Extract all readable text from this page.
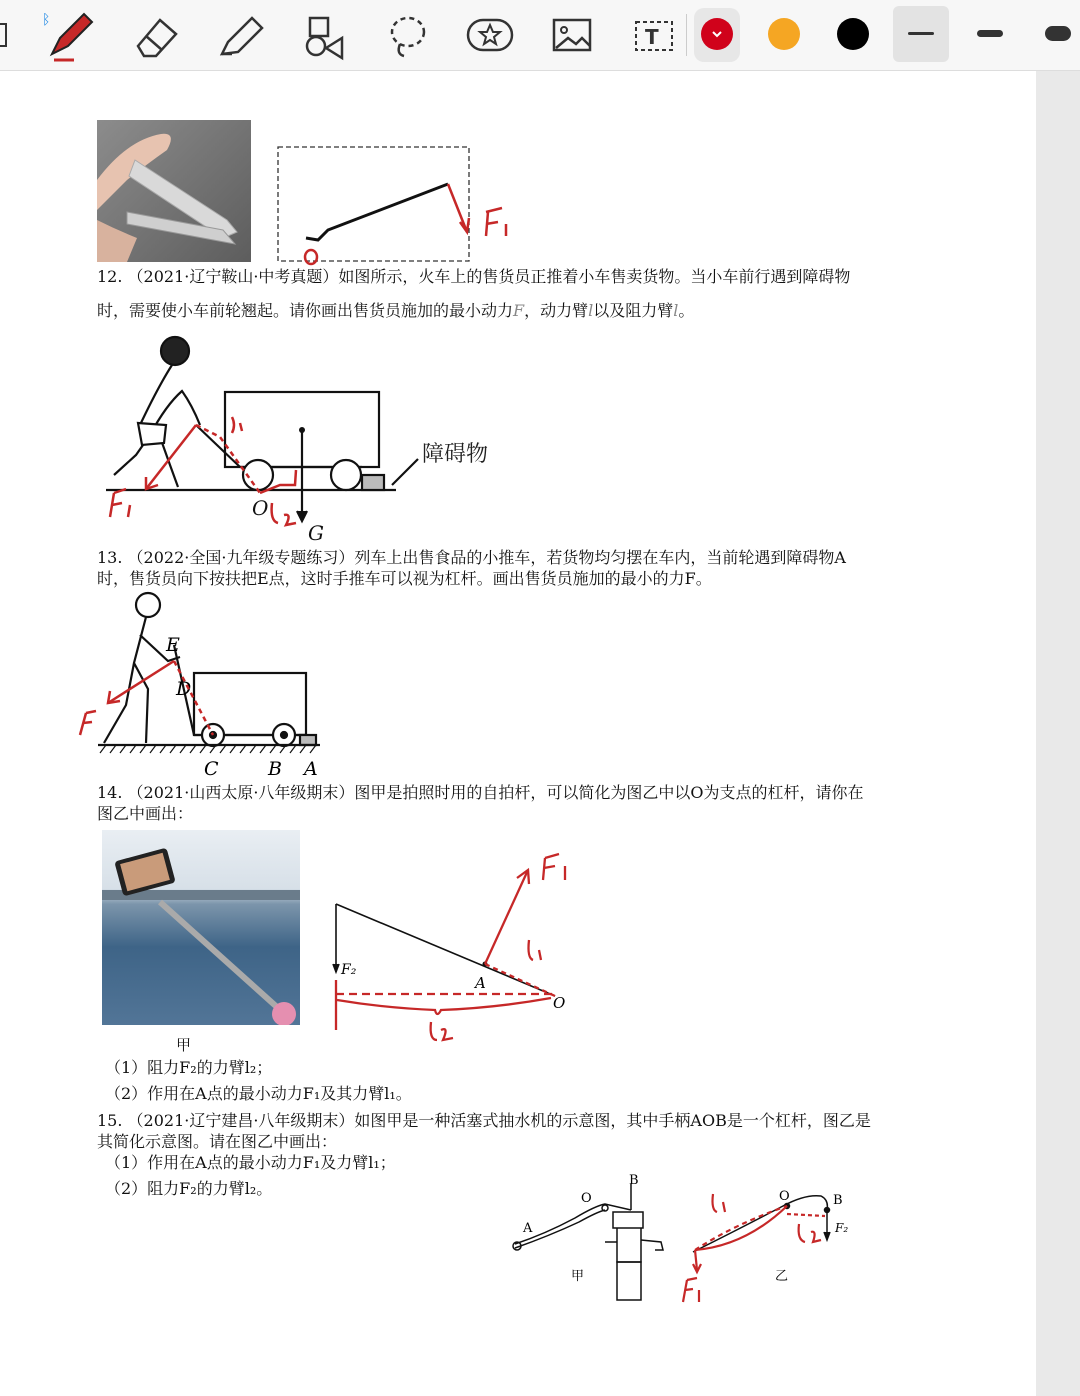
ᛒ
T
12. （2021·辽宁鞍山·中考真题）如图所示，火车上的售货员正推着小车售卖货物。当小车前行遇到障碍物
时，需要使小车前轮翘起。请你画出售货员施加的最小动力F，动力臂l以及阻力臂l。
障碍物
O
G
13. （2022·全国·九年级专题练习）列车上出售食品的小推车，若货物均匀摆在车内，当前轮遇到障碍物A
时，售货员向下按扶把E点，这时手推车可以视为杠杆。画出售货员施加的最小的力F。
E
D
C	B A
14. （2021·山西太原·八年级期末）图甲是拍照时用的自拍杆，可以简化为图乙中以O为支点的杠杆，请你在
图乙中画出：
甲
F₂
A
O
（1）阻力F₂的力臂l₂；
（2）作用在A点的最小动力F₁及其力臂l₁。
15. （2021·辽宁建昌·八年级期末）如图甲是一种活塞式抽水机的示意图，其中手柄AOB是一个杠杆，图乙是
其简化示意图。请在图乙中画出：
（1）作用在A点的最小动力F₁及力臂l₁；
（2）阻力F₂的力臂l₂。
A
O
B
甲
O	B
F₂
乙
